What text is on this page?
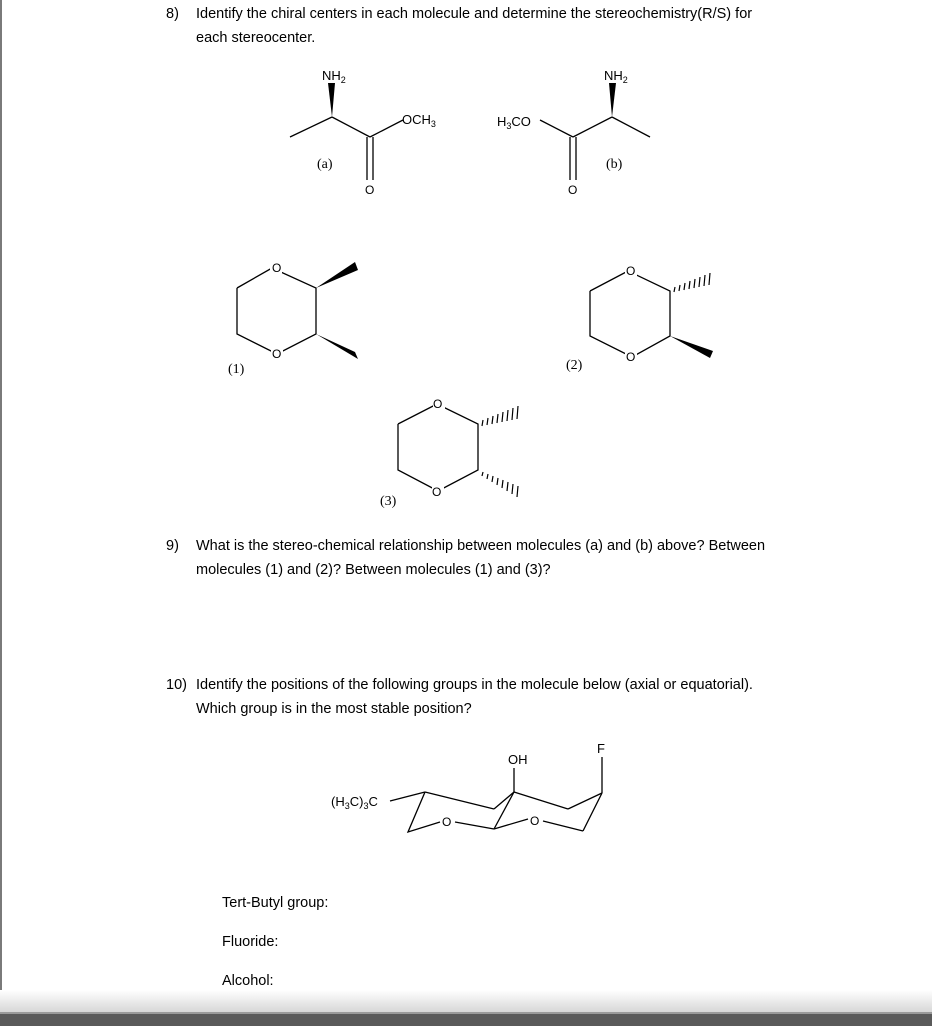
8) Identify the chiral centers in each molecule and determine the stereochemistry(R/S) for
each stereocenter.
$NH_2$
$OCH_3$
O
(a)
$NH_2$
$H_3CO$
O
(b)
O
O
(1)
O
O
(2)
O
O
(3)
$(H_3C)_3C$
O	O
OH
F
9) What is the stereo-chemical relationship between molecules (a) and (b) above? Between
molecules (1) and (2)? Between molecules (1) and (3)?
10) Identify the positions of the following groups in the molecule below (axial or equatorial).
Which group is in the most stable position?
Tert-Butyl group:
Fluoride:
Alcohol:
